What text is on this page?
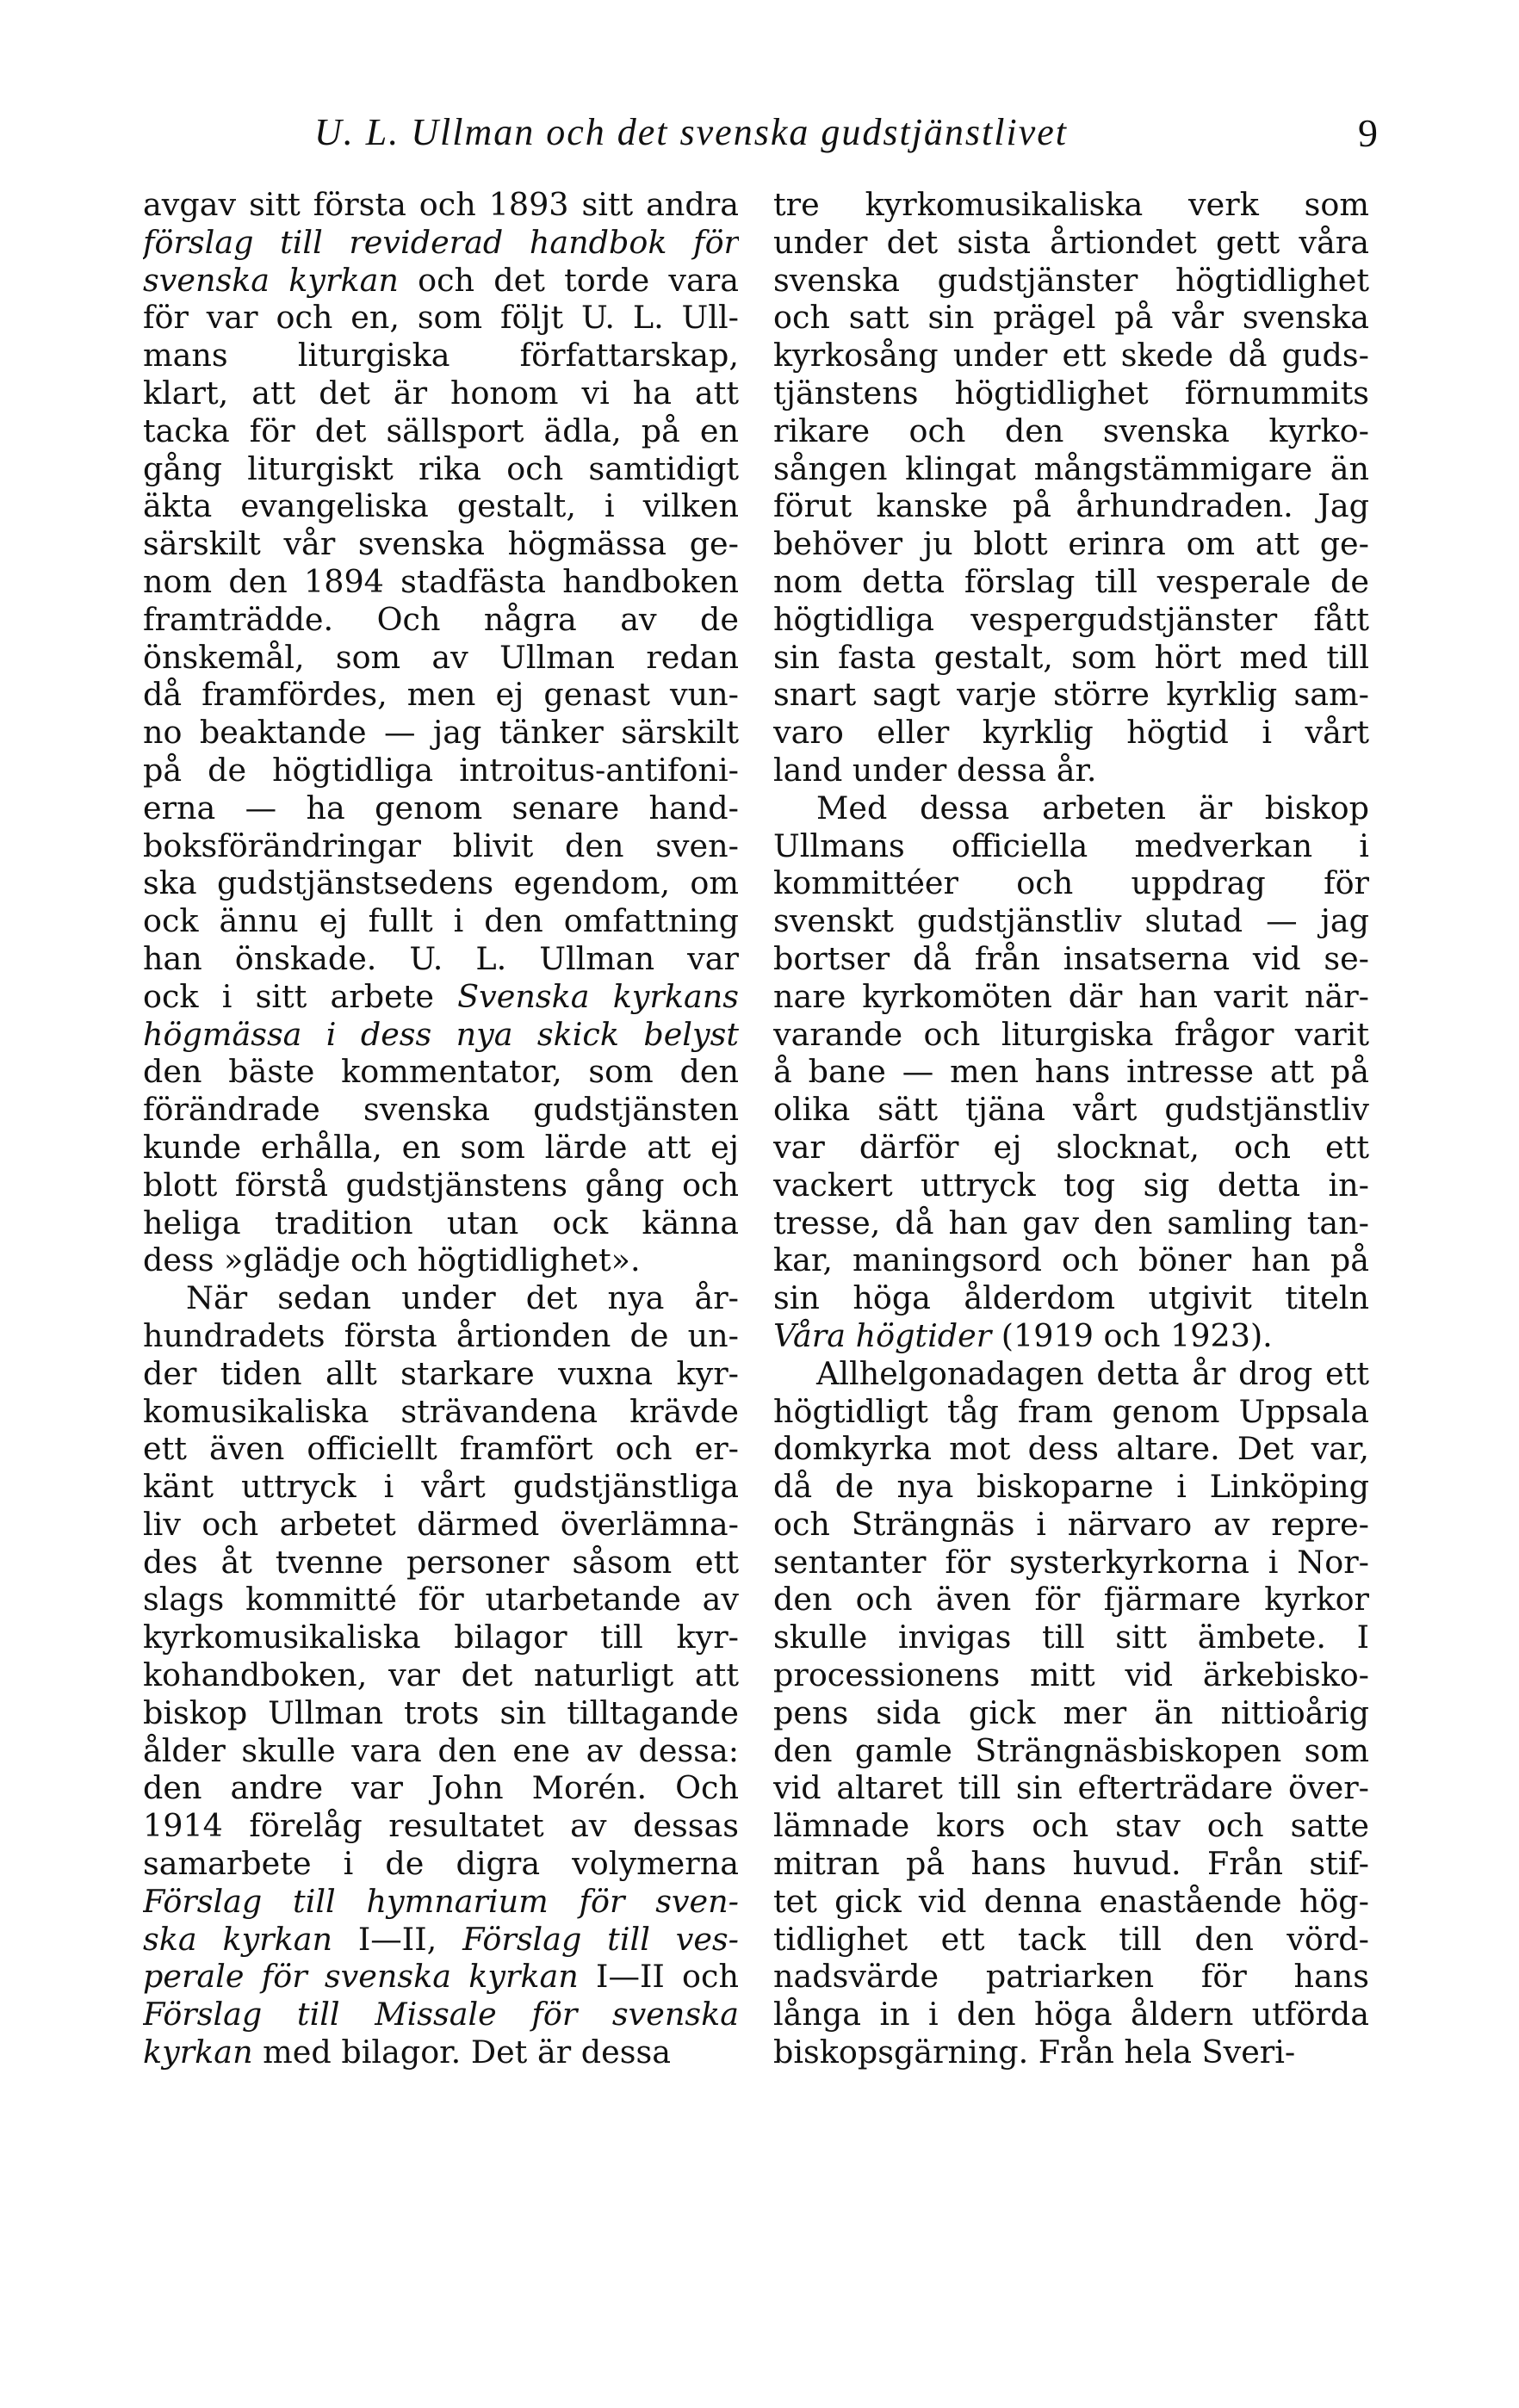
U. L. Ullman och det svenska gudstjänstlivet	9
avgav sitt första och 1893 sitt andra
förslag till reviderad handbok för
svenska kyrkan och det torde vara
för var och en, som följt U. L. Ull-
mans liturgiska författarskap,
klart, att det är honom vi ha att
tacka för det sällsport ädla, på en
gång liturgiskt rika och samtidigt
äkta evangeliska gestalt, i vilken
särskilt vår svenska högmässa ge-
nom den 1894 stadfästa handboken
framträdde. Och några av de
önskemål, som av Ullman redan
då framfördes, men ej genast vun-
no beaktande — jag tänker särskilt
på de högtidliga introitus-antifoni-
erna — ha genom senare hand-
boksförändringar blivit den sven-
ska gudstjänstsedens egendom, om
ock ännu ej fullt i den omfattning
han önskade. U. L. Ullman var
ock i sitt arbete Svenska kyrkans
högmässa i dess nya skick belyst
den bäste kommentator, som den
förändrade svenska gudstjänsten
kunde erhålla, en som lärde att ej
blott förstå gudstjänstens gång och
heliga tradition utan ock känna
dess »glädje och högtidlighet».
När sedan under det nya år-
hundradets första årtionden de un-
der tiden allt starkare vuxna kyr-
komusikaliska strävandena krävde
ett även officiellt framfört och er-
känt uttryck i vårt gudstjänstliga
liv och arbetet därmed överlämna-
des åt tvenne personer såsom ett
slags kommitté för utarbetande av
kyrkomusikaliska bilagor till kyr-
kohandboken, var det naturligt att
biskop Ullman trots sin tilltagande
ålder skulle vara den ene av dessa:
den andre var John Morén. Och
1914 förelåg resultatet av dessas
samarbete i de digra volymerna
Förslag till hymnarium för sven-
ska kyrkan I—II, Förslag till ves-
perale för svenska kyrkan I—II och
Förslag till Missale för svenska
kyrkan med bilagor. Det är dessa
tre kyrkomusikaliska verk som
under det sista årtiondet gett våra
svenska gudstjänster högtidlighet
och satt sin prägel på vår svenska
kyrkosång under ett skede då guds-
tjänstens högtidlighet förnummits
rikare och den svenska kyrko-
sången klingat mångstämmigare än
förut kanske på århundraden. Jag
behöver ju blott erinra om att ge-
nom detta förslag till vesperale de
högtidliga vespergudstjänster fått
sin fasta gestalt, som hört med till
snart sagt varje större kyrklig sam-
varo eller kyrklig högtid i vårt
land under dessa år.
Med dessa arbeten är biskop
Ullmans officiella medverkan i
kommittéer och uppdrag för
svenskt gudstjänstliv slutad — jag
bortser då från insatserna vid se-
nare kyrkomöten där han varit när-
varande och liturgiska frågor varit
å bane — men hans intresse att på
olika sätt tjäna vårt gudstjänstliv
var därför ej slocknat, och ett
vackert uttryck tog sig detta in-
tresse, då han gav den samling tan-
kar, maningsord och böner han på
sin höga ålderdom utgivit titeln
Våra högtider (1919 och 1923).
Allhelgonadagen detta år drog ett
högtidligt tåg fram genom Uppsala
domkyrka mot dess altare. Det var,
då de nya biskoparne i Linköping
och Strängnäs i närvaro av repre-
sentanter för systerkyrkorna i Nor-
den och även för fjärmare kyrkor
skulle invigas till sitt ämbete. I
processionens mitt vid ärkebisko-
pens sida gick mer än nittioårig
den gamle Strängnäsbiskopen som
vid altaret till sin efterträdare över-
lämnade kors och stav och satte
mitran på hans huvud. Från stif-
tet gick vid denna enastående hög-
tidlighet ett tack till den vörd-
nadsvärde patriarken för hans
långa in i den höga åldern utförda
biskopsgärning. Från hela Sveri-
